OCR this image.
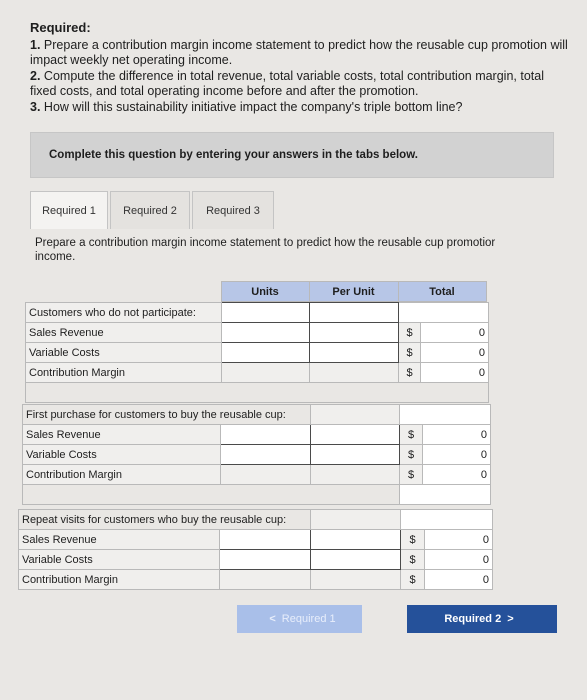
Required:

1. Prepare a contribution margin income statement to predict how the reusable cup promotion will impact weekly net operating income.

2. Compute the difference in total revenue, total variable costs, total contribution margin, total fixed costs, and total operating income before and after the promotion.

3. How will this sustainability initiative impact the company's triple bottom line?

Complete this question by entering your answers in the tabs below.
Required 1	Required 2	Required 3
Prepare a contribution margin income statement to predict how the reusable cup promotior
income.
	Units	Per Unit	Total
Customers who do not participate:				
Sales Revenue			$	0
Variable Costs			$	0
Contribution Margin			$	0

First purchase for customers to buy the reusable cup:				
Sales Revenue			$	0
Variable Costs			$	0
Contribution Margin			$	0

Repeat visits for customers who buy the reusable cup:				
Sales Revenue			$	0
Variable Costs			$	0
Contribution Margin			$	0
< Required 1	Required 2 >
